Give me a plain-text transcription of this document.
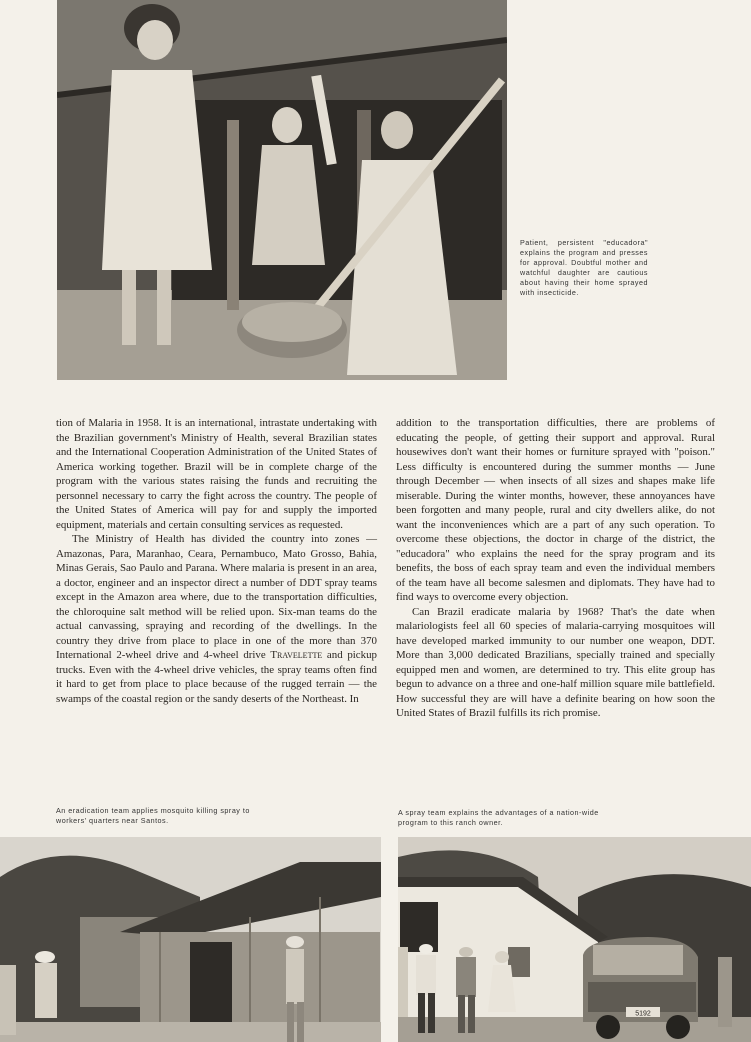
Patient, persistent "educadora" explains the program and presses for approval. Doubtful mother and watchful daughter are cautious about having their home sprayed with insecticide.

tion of Malaria in 1958. It is an international, intrastate undertaking with the Brazilian government's Ministry of Health, several Brazilian states and the International Cooperation Administration of the United States of America working together. Brazil will be in complete charge of the program with the various states raising the funds and recruiting the personnel necessary to carry the fight across the country. The people of the United States of America will pay for and supply the imported equipment, materials and certain consulting services as requested.

The Ministry of Health has divided the country into zones — Amazonas, Para, Maranhao, Ceara, Pernambuco, Mato Grosso, Bahia, Minas Gerais, Sao Paulo and Parana. Where malaria is present in an area, a doctor, engineer and an inspector direct a number of DDT spray teams except in the Amazon area where, due to the transportation difficulties, the chloroquine salt method will be relied upon. Six-man teams do the actual canvassing, spraying and recording of the dwellings. In the country they drive from place to place in one of the more than 370 International 2-wheel drive and 4-wheel drive Travelette and pickup trucks. Even with the 4-wheel drive vehicles, the spray teams often find it hard to get from place to place because of the rugged terrain — the swamps of the coastal region or the sandy deserts of the Northeast. In

addition to the transportation difficulties, there are problems of educating the people, of getting their support and approval. Rural housewives don't want their homes or furniture sprayed with "poison." Less difficulty is encountered during the summer months — June through December — when insects of all sizes and shapes make life miserable. During the winter months, however, these annoyances have been forgotten and many people, rural and city dwellers alike, do not want the inconveniences which are a part of any such operation. To overcome these objections, the doctor in charge of the district, the "educadora" who explains the need for the spray program and its benefits, the boss of each spray team and even the individual members of the team have all become salesmen and diplomats. They have had to find ways to overcome every objection.

Can Brazil eradicate malaria by 1968? That's the date when malariologists feel all 60 species of malaria-carrying mosquitoes will have developed marked immunity to our number one weapon, DDT. More than 3,000 dedicated Brazilians, specially trained and specially equipped men and women, are determined to try. This elite group has begun to advance on a three and one-half million square mile battlefield. How successful they are will have a definite bearing on how soon the United States of Brazil fulfills its rich promise.

An eradication team applies mosquito killing spray to workers' quarters near Santos.

A spray team explains the advantages of a nation-wide program to this ranch owner.

5192
